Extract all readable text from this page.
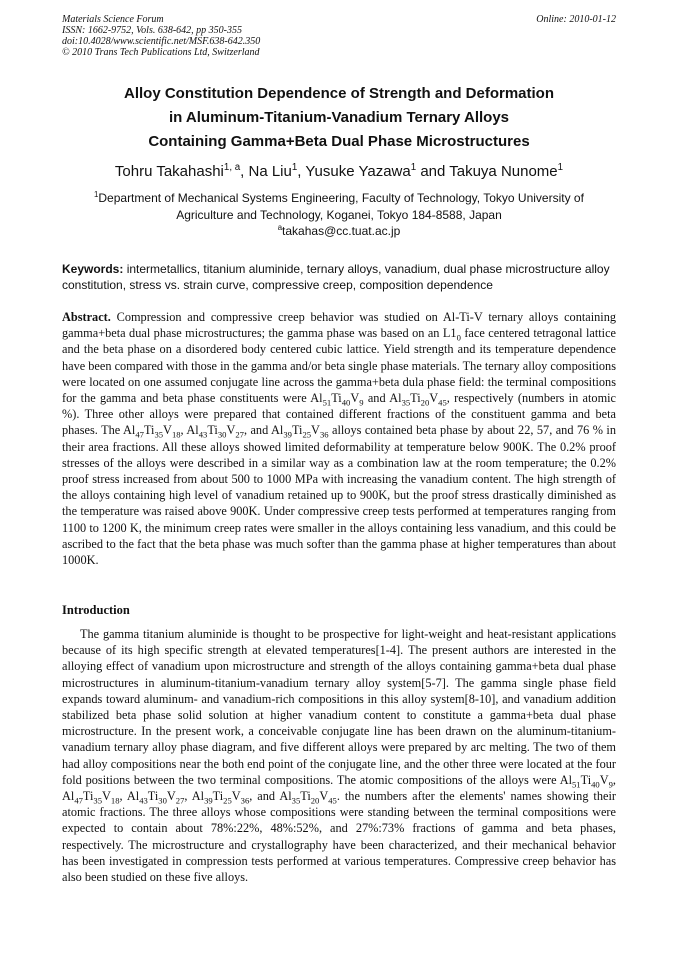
Materials Science Forum
ISSN: 1662-9752, Vols. 638-642, pp 350-355
doi:10.4028/www.scientific.net/MSF.638-642.350
© 2010 Trans Tech Publications Ltd, Switzerland
Online: 2010-01-12
Alloy Constitution Dependence of Strength and Deformation
in Aluminum-Titanium-Vanadium Ternary Alloys
Containing Gamma+Beta Dual Phase Microstructures
Tohru Takahashi$^{1, a}$, Na Liu$^1$, Yusuke Yazawa$^1$ and Takuya Nunome$^1$
$^1$Department of Mechanical Systems Engineering, Faculty of Technology, Tokyo University of
Agriculture and Technology, Koganei, Tokyo 184-8588, Japan
$^a$takahas@cc.tuat.ac.jp
Keywords: intermetallics, titanium aluminide, ternary alloys, vanadium, dual phase microstructure alloy constitution, stress vs. strain curve, compressive creep, composition dependence
Abstract. Compression and compressive creep behavior was studied on Al-Ti-V ternary alloys containing gamma+beta dual phase microstructures; the gamma phase was based on an $L1_0$ face centered tetragonal lattice and the beta phase on a disordered body centered cubic lattice. Yield strength and its temperature dependence have been compared with those in the gamma and/or beta single phase materials. The ternary alloy compositions were located on one assumed conjugate line across the gamma+beta dula phase field: the terminal compositions for the gamma and beta phase constituents were $Al_{51}Ti_{40}V_9$ and $Al_{35}Ti_{20}V_{45}$, respectively (numbers in atomic %). Three other alloys were prepared that contained different fractions of the constituent gamma and beta phases. The $Al_{47}Ti_{35}V_{18}$, $Al_{43}Ti_{30}V_{27}$, and $Al_{39}Ti_{25}V_{36}$ alloys contained beta phase by about 22, 57, and 76 % in their area fractions. All these alloys showed limited deformability at temperature below 900K. The 0.2% proof stresses of the alloys were described in a similar way as a combination law at the room temperature; the 0.2% proof stress increased from about 500 to 1000 MPa with increasing the vanadium content. The high strength of the alloys containing high level of vanadium retained up to 900K, but the proof stress drastically diminished as the temperature was raised above 900K. Under compressive creep tests performed at temperatures ranging from 1100 to 1200 K, the minimum creep rates were smaller in the alloys containing less vanadium, and this could be ascribed to the fact that the beta phase was much softer than the gamma phase at higher temperatures than about 1000K.
Introduction
The gamma titanium aluminide is thought to be prospective for light-weight and heat-resistant applications because of its high specific strength at elevated temperatures[1-4]. The present authors are interested in the alloying effect of vanadium upon microstructure and strength of the alloys containing gamma+beta dual phase microstructures in aluminum-titanium-vanadium ternary alloy system[5-7]. The gamma single phase field expands toward aluminum- and vanadium-rich compositions in this alloy system[8-10], and vanadium addition stabilized beta phase solid solution at higher vanadium content to constitute a gamma+beta dual phase microstructure. In the present work, a conceivable conjugate line has been drawn on the aluminum-titanium-vanadium ternary alloy phase diagram, and five different alloys were prepared by arc melting. The two of them had alloy compositions near the both end point of the conjugate line, and the other three were located at the four fold positions between the two terminal compositions. The atomic compositions of the alloys were $Al_{51}Ti_{40}V_9$, $Al_{47}Ti_{35}V_{18}$, $Al_{43}Ti_{30}V_{27}$, $Al_{39}Ti_{25}V_{36}$, and $Al_{35}Ti_{20}V_{45}$. the numbers after the elements' names showing their atomic fractions. The three alloys whose compositions were standing between the terminal compositions were expected to contain about 78%:22%, 48%:52%, and 27%:73% fractions of gamma and beta phases, respectively. The microstructure and crystallography have been characterized, and their mechanical behavior has been investigated in compression tests performed at various temperatures. Compressive creep behavior has also been studied on these five alloys.
